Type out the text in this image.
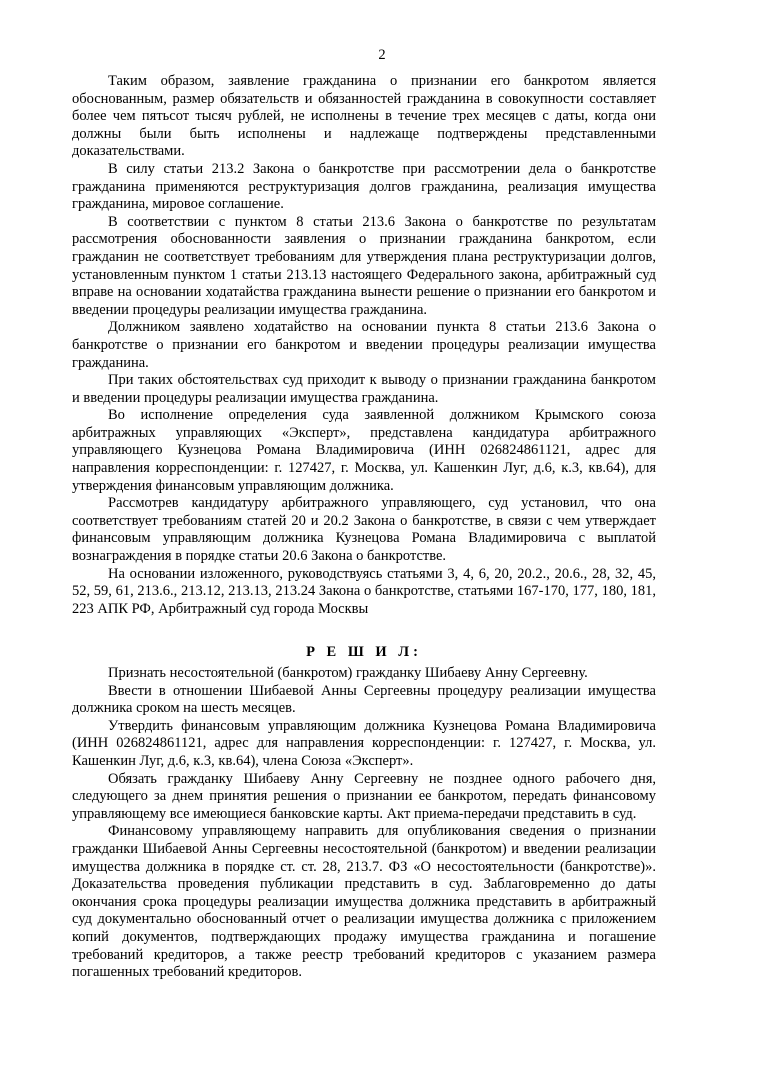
2

Таким образом, заявление гражданина о признании его банкротом является обоснованным, размер обязательств и обязанностей гражданина в совокупности составляет более чем пятьсот тысяч рублей, не исполнены в течение трех месяцев с даты, когда они должны были быть исполнены и надлежаще подтверждены представленными доказательствами.

В силу статьи 213.2 Закона о банкротстве при рассмотрении дела о банкротстве гражданина применяются реструктуризация долгов гражданина, реализация имущества гражданина, мировое соглашение.

В соответствии с пунктом 8 статьи 213.6 Закона о банкротстве по результатам рассмотрения обоснованности заявления о признании гражданина банкротом, если гражданин не соответствует требованиям для утверждения плана реструктуризации долгов, установленным пунктом 1 статьи 213.13 настоящего Федерального закона, арбитражный суд вправе на основании ходатайства гражданина вынести решение о признании его банкротом и введении процедуры реализации имущества гражданина.

Должником заявлено ходатайство на основании пункта 8 статьи 213.6 Закона о банкротстве о признании его банкротом и введении процедуры реализации имущества гражданина.

При таких обстоятельствах суд приходит к выводу о признании гражданина банкротом и введении процедуры реализации имущества гражданина.

Во исполнение определения суда заявленной должником Крымского союза арбитражных управляющих «Эксперт», представлена кандидатура арбитражного управляющего Кузнецова Романа Владимировича (ИНН 026824861121, адрес для направления корреспонденции: г. 127427, г. Москва, ул. Кашенкин Луг, д.6, к.3, кв.64), для утверждения финансовым управляющим должника.

Рассмотрев кандидатуру арбитражного управляющего, суд установил, что она соответствует требованиям статей 20 и 20.2 Закона о банкротстве, в связи с чем утверждает финансовым управляющим должника Кузнецова Романа Владимировича с выплатой вознаграждения в порядке статьи 20.6 Закона о банкротстве.

На основании изложенного, руководствуясь статьями 3, 4, 6, 20, 20.2., 20.6., 28, 32, 45, 52, 59, 61, 213.6., 213.12, 213.13, 213.24 Закона о банкротстве, статьями 167-170, 177, 180, 181, 223 АПК РФ, Арбитражный суд города Москвы

Р Е Ш И Л:

Признать несостоятельной (банкротом) гражданку Шибаеву Анну Сергеевну.

Ввести в отношении Шибаевой Анны Сергеевны процедуру реализации имущества должника сроком на шесть месяцев.

Утвердить финансовым управляющим должника Кузнецова Романа Владимировича (ИНН 026824861121, адрес для направления корреспонденции: г. 127427, г. Москва, ул. Кашенкин Луг, д.6, к.3, кв.64), члена Союза «Эксперт».

Обязать гражданку Шибаеву Анну Сергеевну не позднее одного рабочего дня, следующего за днем принятия решения о признании ее банкротом, передать финансовому управляющему все имеющиеся банковские карты. Акт приема-передачи представить в суд.

Финансовому управляющему направить для опубликования сведения о признании гражданки Шибаевой Анны Сергеевны несостоятельной (банкротом) и введении реализации имущества должника в порядке ст. ст. 28, 213.7. ФЗ «О несостоятельности (банкротстве)». Доказательства проведения публикации представить в суд. Заблаговременно до даты окончания срока процедуры реализации имущества должника представить в арбитражный суд документально обоснованный отчет о реализации имущества должника с приложением копий документов, подтверждающих продажу имущества гражданина и погашение требований кредиторов, а также реестр требований кредиторов с указанием размера погашенных требований кредиторов.
